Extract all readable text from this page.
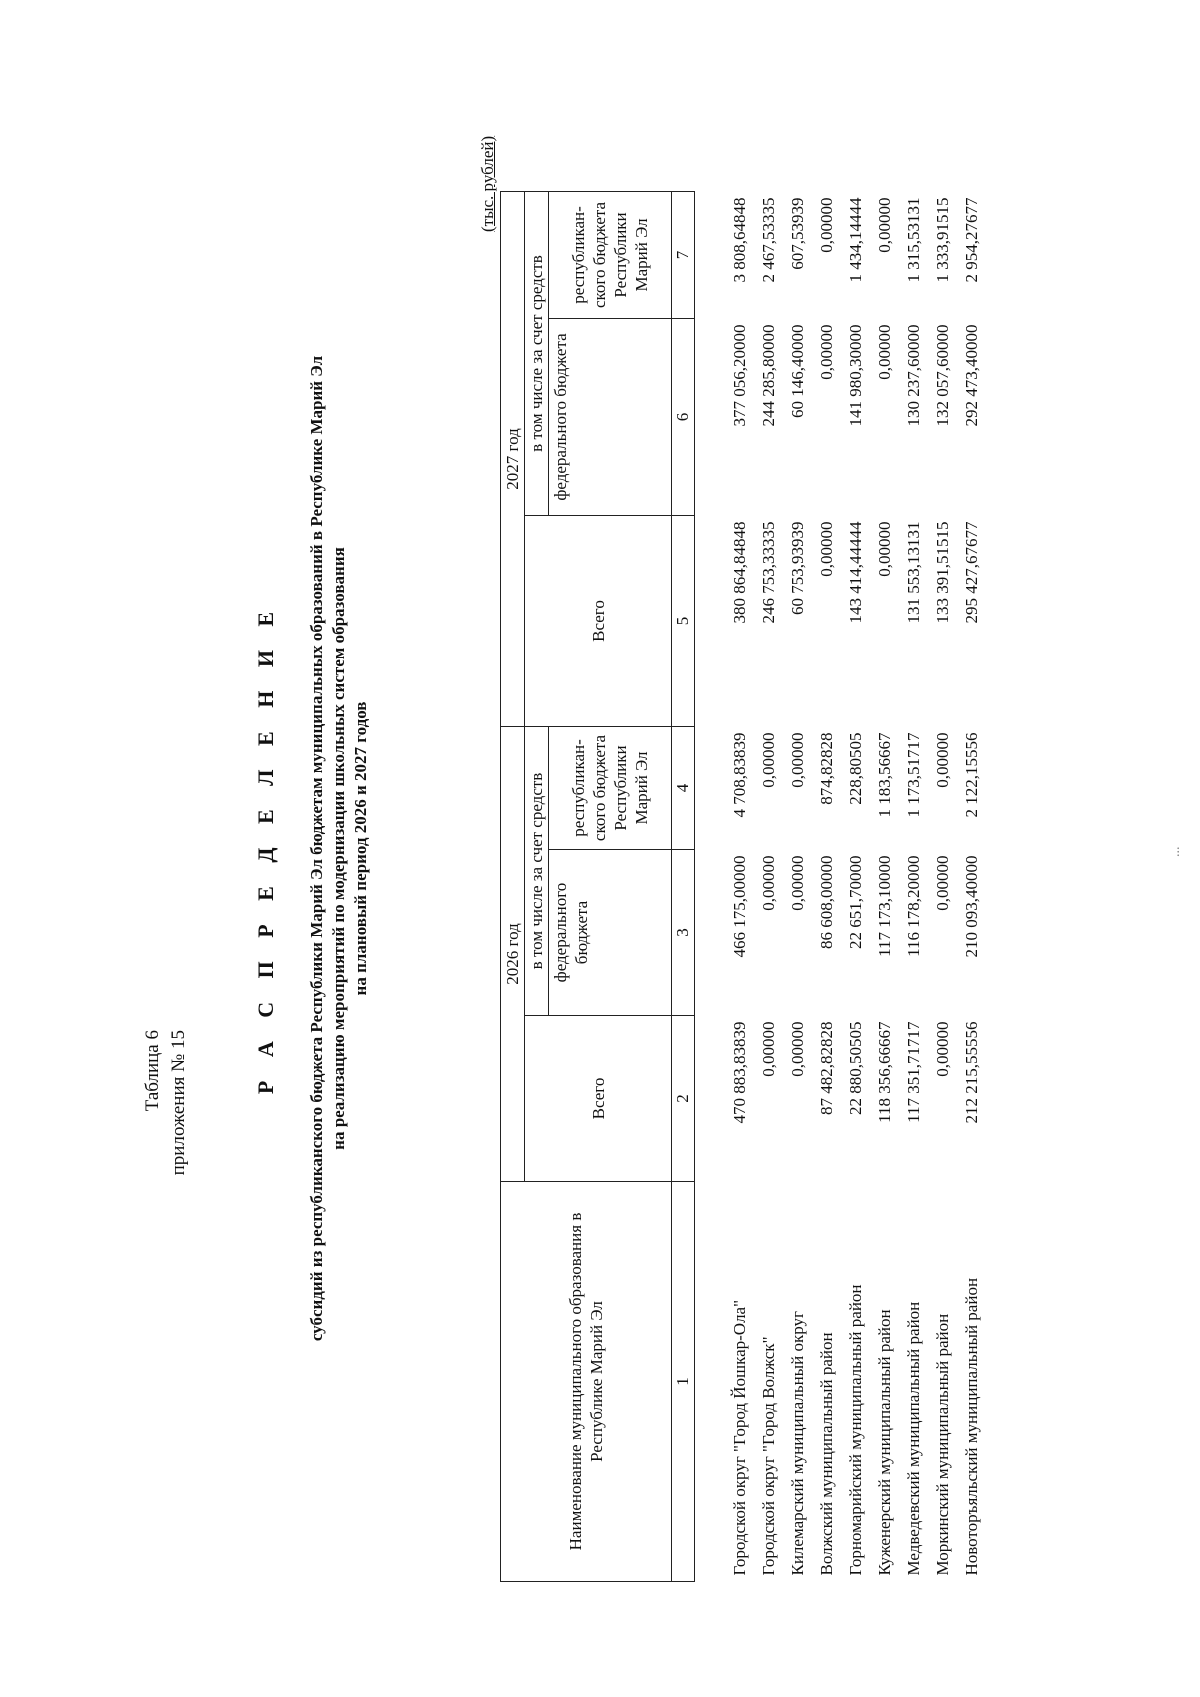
Таблица 6 приложения № 15
Р А С П Р Е Д Е Л Е Н И Е субсидий из республиканского бюджета Республики Марий Эл бюджетам муниципальных образований в Республике Марий Эл на реализацию мероприятий по модернизации школьных систем образования на плановый период 2026 и 2027 годов
(тыс. рублей)
Наименование муниципального образования в Республике Марий Эл	2026 год			2027 год		
	Всего	в том числе за счет средств		Всего	в том числе за счет средств	
		федерального бюджета	республикан-ского бюджета Республики Марий Эл		федерального бюджета	республикан-ского бюджета Республики Марий Эл
1	2	3	4	5	6	7

Городской округ "Город Йошкар-Ола"	470 883,83839	466 175,00000	4 708,83839	380 864,84848	377 056,20000	3 808,64848
Городской округ "Город Волжск"	0,00000	0,00000	0,00000	246 753,33335	244 285,80000	2 467,53335
Килемарский муниципальный округ	0,00000	0,00000	0,00000	60 753,93939	60 146,40000	607,53939
Волжский муниципальный район	87 482,82828	86 608,00000	874,82828	0,00000	0,00000	0,00000
Горномарийский муниципальный район	22 880,50505	22 651,70000	228,80505	143 414,44444	141 980,30000	1 434,14444
Куженерский муниципальный район	118 356,66667	117 173,10000	1 183,56667	0,00000	0,00000	0,00000
Медведевский муниципальный район	117 351,71717	116 178,20000	1 173,51717	131 553,13131	130 237,60000	1 315,53131
Моркинский муниципальный район	0,00000	0,00000	0,00000	133 391,51515	132 057,60000	1 333,91515
Новоторъяльский муниципальный район	212 215,55556	210 093,40000	2 122,15556	295 427,67677	292 473,40000	2 954,27677
...
